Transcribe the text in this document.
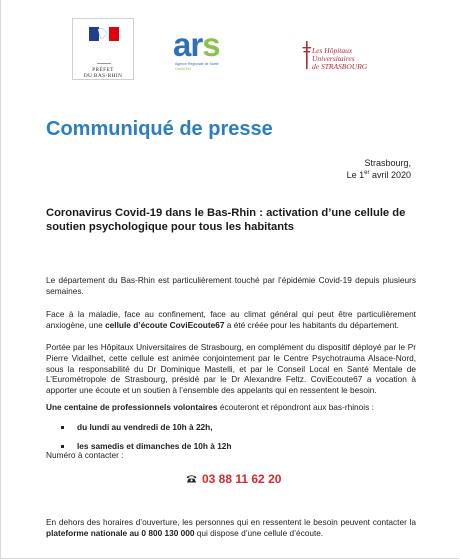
PRÉFET
DU BAS-RHIN
ars
Agence Régionale de Santé
Grand Est
Les Hôpitaux
Universitaires
de STRASBOURG
Communiqué de presse
Strasbourg,
Le 1er avril 2020
Coronavirus Covid-19 dans le Bas-Rhin : activation d’une cellule de soutien psychologique pour tous les habitants
Le département du Bas-Rhin est particulièrement touché par l’épidémie Covid-19 depuis plusieurs semaines.
Face à la maladie, face au confinement, face au climat général qui peut être particulièrement anxiogène, une cellule d’écoute CoviEcoute67 a été créée pour les habitants du département.
Portée par les Hôpitaux Universitaires de Strasbourg, en complément du dispositif déployé par le Pr Pierre Vidailhet, cette cellule est animée conjointement par le Centre Psychotrauma Alsace-Nord, sous la responsabilité du Dr Dominique Mastelli, et par le Conseil Local en Santé Mentale de L’Eurométropole de Strasbourg, présidé par le Dr Alexandre Feltz. CoviEcoute67 a vocation à apporter une écoute et un soutien à l’ensemble des appelants qui en ressentent le besoin.
Une centaine de professionnels volontaires écouteront et répondront aux bas-rhinois :
du lundi au vendredi de 10h à 22h,
les samedis et dimanches de 10h à 12h
Numéro à contacter :
03 88 11 62 20
En dehors des horaires d’ouverture, les personnes qui en ressentent le besoin peuvent contacter la plateforme nationale au 0 800 130 000 qui dispose d’une cellule d’écoute.
